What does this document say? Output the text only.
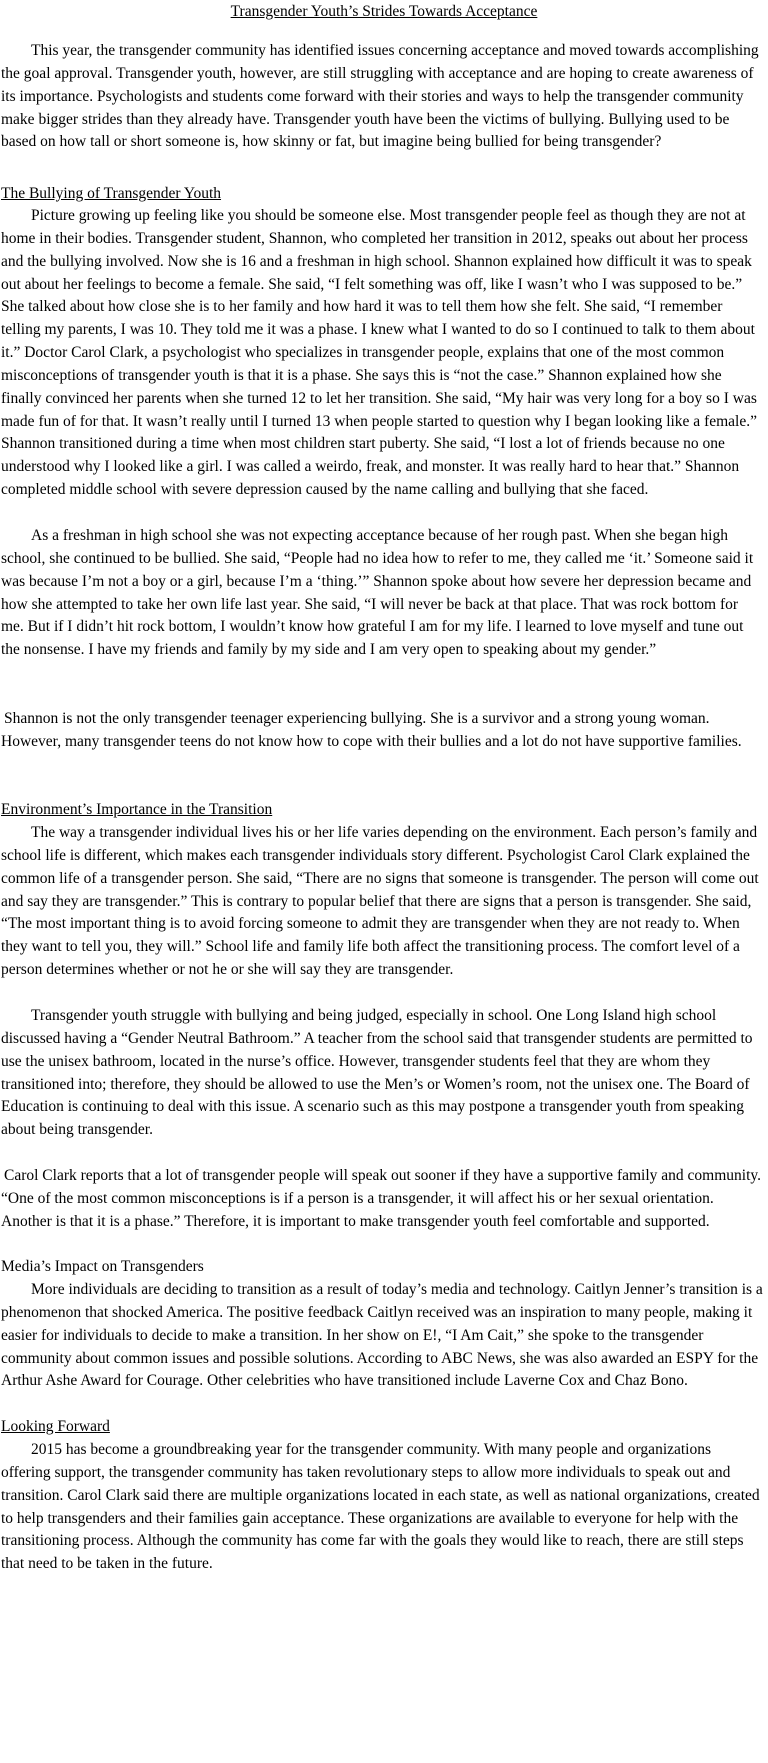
Transgender Youth’s Strides Towards Acceptance

This year, the transgender community has identified issues concerning acceptance and moved towards accomplishing the goal approval. Transgender youth, however, are still struggling with acceptance and are hoping to create awareness of its importance. Psychologists and students come forward with their stories and ways to help the transgender community make bigger strides than they already have. Transgender youth have been the victims of bullying. Bullying used to be based on how tall or short someone is, how skinny or fat, but imagine being bullied for being transgender?

The Bullying of Transgender Youth

Picture growing up feeling like you should be someone else. Most transgender people feel as though they are not at home in their bodies. Transgender student, Shannon, who completed her transition in 2012, speaks out about her process and the bullying involved. Now she is 16 and a freshman in high school. Shannon explained how difficult it was to speak out about her feelings to become a female. She said, “I felt something was off, like I wasn’t who I was supposed to be.” She talked about how close she is to her family and how hard it was to tell them how she felt. She said, “I remember telling my parents, I was 10. They told me it was a phase. I knew what I wanted to do so I continued to talk to them about it.” Doctor Carol Clark, a psychologist who specializes in transgender people, explains that one of the most common misconceptions of transgender youth is that it is a phase. She says this is “not the case.” Shannon explained how she finally convinced her parents when she turned 12 to let her transition. She said, “My hair was very long for a boy so I was made fun of for that. It wasn’t really until I turned 13 when people started to question why I began looking like a female.” Shannon transitioned during a time when most children start puberty. She said, “I lost a lot of friends because no one understood why I looked like a girl. I was called a weirdo, freak, and monster. It was really hard to hear that.” Shannon completed middle school with severe depression caused by the name calling and bullying that she faced.

As a freshman in high school she was not expecting acceptance because of her rough past. When she began high school, she continued to be bullied. She said, “People had no idea how to refer to me, they called me ‘it.’ Someone said it was because I’m not a boy or a girl, because I’m a ‘thing.’” Shannon spoke about how severe her depression became and how she attempted to take her own life last year. She said, “I will never be back at that place. That was rock bottom for me. But if I didn’t hit rock bottom, I wouldn’t know how grateful I am for my life. I learned to love myself and tune out the nonsense. I have my friends and family by my side and I am very open to speaking about my gender.”

Shannon is not the only transgender teenager experiencing bullying. She is a survivor and a strong young woman. However, many transgender teens do not know how to cope with their bullies and a lot do not have supportive families.

Environment’s Importance in the Transition

The way a transgender individual lives his or her life varies depending on the environment. Each person’s family and school life is different, which makes each transgender individuals story different. Psychologist Carol Clark explained the common life of a transgender person. She said, “There are no signs that someone is transgender. The person will come out and say they are transgender.” This is contrary to popular belief that there are signs that a person is transgender. She said, “The most important thing is to avoid forcing someone to admit they are transgender when they are not ready to. When they want to tell you, they will.” School life and family life both affect the transitioning process. The comfort level of a person determines whether or not he or she will say they are transgender.

Transgender youth struggle with bullying and being judged, especially in school. One Long Island high school discussed having a “Gender Neutral Bathroom.” A teacher from the school said that transgender students are permitted to use the unisex bathroom, located in the nurse’s office. However, transgender students feel that they are whom they transitioned into; therefore, they should be allowed to use the Men’s or Women’s room, not the unisex one. The Board of Education is continuing to deal with this issue. A scenario such as this may postpone a transgender youth from speaking about being transgender.

Carol Clark reports that a lot of transgender people will speak out sooner if they have a supportive family and community. “One of the most common misconceptions is if a person is a transgender, it will affect his or her sexual orientation. Another is that it is a phase.” Therefore, it is important to make transgender youth feel comfortable and supported.

Media’s Impact on Transgenders

More individuals are deciding to transition as a result of today’s media and technology. Caitlyn Jenner’s transition is a phenomenon that shocked America. The positive feedback Caitlyn received was an inspiration to many people, making it easier for individuals to decide to make a transition. In her show on E!, “I Am Cait,” she spoke to the transgender community about common issues and possible solutions. According to ABC News, she was also awarded an ESPY for the Arthur Ashe Award for Courage. Other celebrities who have transitioned include Laverne Cox and Chaz Bono.

Looking Forward

2015 has become a groundbreaking year for the transgender community. With many people and organizations offering support, the transgender community has taken revolutionary steps to allow more individuals to speak out and transition. Carol Clark said there are multiple organizations located in each state, as well as national organizations, created to help transgenders and their families gain acceptance. These organizations are available to everyone for help with the transitioning process. Although the community has come far with the goals they would like to reach, there are still steps that need to be taken in the future.
